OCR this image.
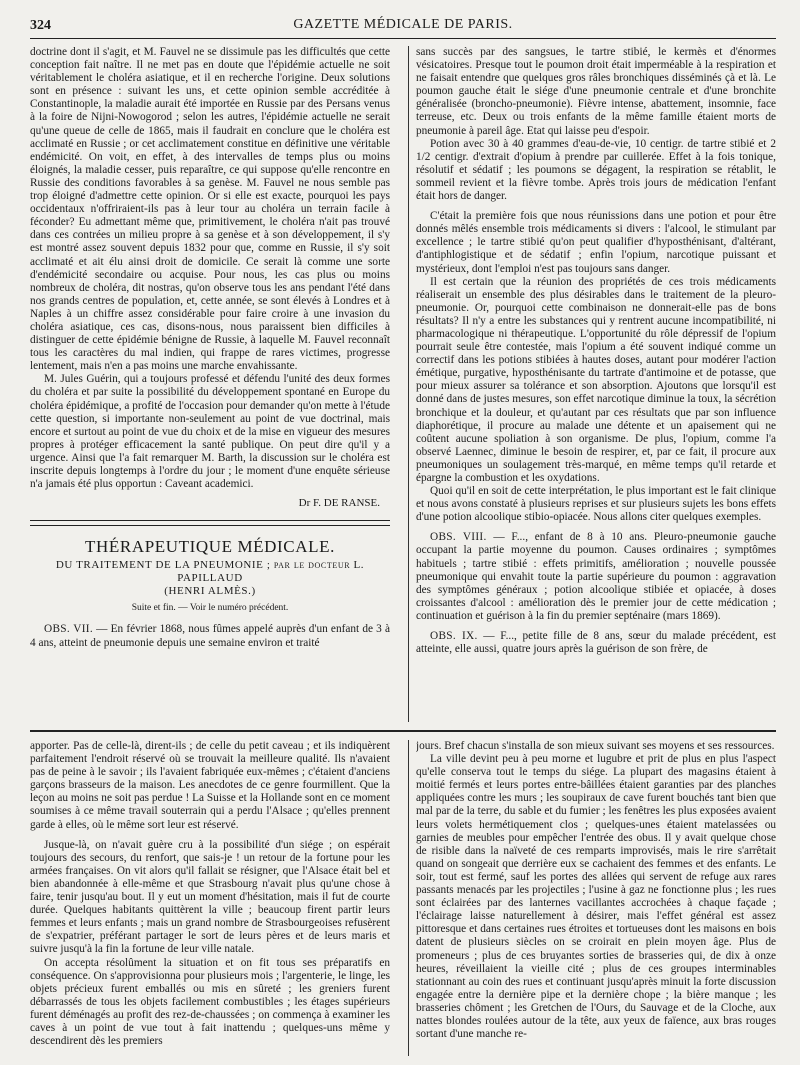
324	GAZETTE MÉDICALE DE PARIS.

doctrine dont il s'agit, et M. Fauvel ne se dissimule pas les difficultés que cette conception fait naître. Il ne met pas en doute que l'épidémie actuelle ne soit véritablement le choléra asiatique, et il en recherche l'origine. Deux solutions sont en présence : suivant les uns, et cette opinion semble accréditée à Constantinople, la maladie aurait été importée en Russie par des Persans venus à la foire de Nijni-Nowogorod ; selon les autres, l'épidémie actuelle ne serait qu'une queue de celle de 1865, mais il faudrait en conclure que le choléra est acclimaté en Russie ; or cet acclimatement constitue en définitive une véritable endémicité. On voit, en effet, à des intervalles de temps plus ou moins éloignés, la maladie cesser, puis reparaître, ce qui suppose qu'elle rencontre en Russie des conditions favorables à sa genèse. M. Fauvel ne nous semble pas trop éloigné d'admettre cette opinion. Or si elle est exacte, pourquoi les pays occidentaux n'offriraient-ils pas à leur tour au choléra un terrain facile à féconder? Eu admettant même que, primitivement, le choléra n'ait pas trouvé dans ces contrées un milieu propre à sa genèse et à son développement, il s'y est montré assez souvent depuis 1832 pour que, comme en Russie, il s'y soit acclimaté et ait élu ainsi droit de domicile. Ce serait là comme une sorte d'endémicité secondaire ou acquise. Pour nous, les cas plus ou moins nombreux de choléra, dit nostras, qu'on observe tous les ans pendant l'été dans nos grands centres de population, et, cette année, se sont élevés à Londres et à Naples à un chiffre assez considérable pour faire croire à une invasion du choléra asiatique, ces cas, disons-nous, nous paraissent bien difficiles à distinguer de cette épidémie bénigne de Russie, à laquelle M. Fauvel reconnaît tous les caractères du mal indien, qui frappe de rares victimes, progresse lentement, mais n'en a pas moins une marche envahissante.

M. Jules Guérin, qui a toujours professé et défendu l'unité des deux formes du choléra et par suite la possibilité du développement spontané en Europe du choléra épidémique, a profité de l'occasion pour demander qu'on mette à l'étude cette question, si importante non-seulement au point de vue doctrinal, mais encore et surtout au point de vue du choix et de la mise en vigueur des mesures propres à protéger efficacement la santé publique. On peut dire qu'il y a urgence. Ainsi que l'a fait remarquer M. Barth, la discussion sur le choléra est inscrite depuis longtemps à l'ordre du jour ; le moment d'une enquête sérieuse n'a jamais été plus opportun : Caveant academici.

Dr F. DE RANSE.
THÉRAPEUTIQUE MÉDICALE.
DU TRAITEMENT DE LA PNEUMONIE ; par le docteur L. PAPILLAUD
(HENRI ALMÈS.)
Suite et fin. — Voir le numéro précédent.

OBS. VII. — En février 1868, nous fûmes appelé auprès d'un enfant de 3 à 4 ans, atteint de pneumonie depuis une semaine environ et traité

sans succès par des sangsues, le tartre stibié, le kermès et d'énormes vésicatoires. Presque tout le poumon droit était imperméable à la respiration et ne faisait entendre que quelques gros râles bronchiques disséminés çà et là. Le poumon gauche était le siége d'une pneumonie centrale et d'une bronchite généralisée (broncho-pneumonie). Fièvre intense, abattement, insomnie, face terreuse, etc. Deux ou trois enfants de la même famille étaient morts de pneumonie à pareil âge. Etat qui laisse peu d'espoir.

Potion avec 30 à 40 grammes d'eau-de-vie, 10 centigr. de tartre stibié et 2 1/2 centigr. d'extrait d'opium à prendre par cuillerée. Effet à la fois tonique, résolutif et sédatif ; les poumons se dégagent, la respiration se rétablit, le sommeil revient et la fièvre tombe. Après trois jours de médication l'enfant était hors de danger.

C'était la première fois que nous réunissions dans une potion et pour être donnés mêlés ensemble trois médicaments si divers : l'alcool, le stimulant par excellence ; le tartre stibié qu'on peut qualifier d'hyposthénisant, d'altérant, d'antiphlogistique et de sédatif ; enfin l'opium, narcotique puissant et mystérieux, dont l'emploi n'est pas toujours sans danger.

Il est certain que la réunion des propriétés de ces trois médicaments réaliserait un ensemble des plus désirables dans le traitement de la pleuro-pneumonie. Or, pourquoi cette combinaison ne donnerait-elle pas de bons résultats? Il n'y a entre les substances qui y rentrent aucune incompatibilité, ni pharmacologique ni thérapeutique. L'opportunité du rôle dépressif de l'opium pourrait seule être contestée, mais l'opium a été souvent indiqué comme un correctif dans les potions stibiées à hautes doses, autant pour modérer l'action émétique, purgative, hyposthénisante du tartrate d'antimoine et de potasse, que pour mieux assurer sa tolérance et son absorption. Ajoutons que lorsqu'il est donné dans de justes mesures, son effet narcotique diminue la toux, la sécrétion bronchique et la douleur, et qu'autant par ces résultats que par son influence diaphorétique, il procure au malade une détente et un apaisement qui ne coûtent aucune spoliation à son organisme. De plus, l'opium, comme l'a observé Laennec, diminue le besoin de respirer, et, par ce fait, il procure aux pneumoniques un soulagement très-marqué, en même temps qu'il retarde et épargne la combustion et les oxydations.

Quoi qu'il en soit de cette interprétation, le plus important est le fait clinique et nous avons constaté à plusieurs reprises et sur plusieurs sujets les bons effets d'une potion alcoolique stibio-opiacée. Nous allons citer quelques exemples.

OBS. VIII. — F..., enfant de 8 à 10 ans. Pleuro-pneumonie gauche occupant la partie moyenne du poumon. Causes ordinaires ; symptômes habituels ; tartre stibié : effets primitifs, amélioration ; nouvelle poussée pneumonique qui envahit toute la partie supérieure du poumon : aggravation des symptômes généraux ; potion alcoolique stibiée et opiacée, à doses croissantes d'alcool : amélioration dès le premier jour de cette médication ; continuation et guérison à la fin du premier septénaire (mars 1869).

OBS. IX. — F..., petite fille de 8 ans, sœur du malade précédent, est atteinte, elle aussi, quatre jours après la guérison de son frère, de

apporter. Pas de celle-là, dirent-ils ; de celle du petit caveau ; et ils indiquèrent parfaitement l'endroit réservé où se trouvait la meilleure qualité. Ils n'avaient pas de peine à le savoir ; ils l'avaient fabriquée eux-mêmes ; c'étaient d'anciens garçons brasseurs de la maison. Les anecdotes de ce genre fourmillent. Que la leçon au moins ne soit pas perdue ! La Suisse et la Hollande sont en ce moment soumises à ce même travail souterrain qui a perdu l'Alsace ; qu'elles prennent garde à elles, où le même sort leur est réservé.

Jusque-là, on n'avait guère cru à la possibilité d'un siége ; on espérait toujours des secours, du renfort, que sais-je ! un retour de la fortune pour les armées françaises. On vit alors qu'il fallait se résigner, que l'Alsace était bel et bien abandonnée à elle-même et que Strasbourg n'avait plus qu'une chose à faire, tenir jusqu'au bout. Il y eut un moment d'hésitation, mais il fut de courte durée. Quelques habitants quittèrent la ville ; beaucoup firent partir leurs femmes et leurs enfants ; mais un grand nombre de Strasbourgeoises refusèrent de s'expatrier, préférant partager le sort de leurs pères et de leurs maris et suivre jusqu'à la fin la fortune de leur ville natale.

On accepta résolûment la situation et on fit tous ses préparatifs en conséquence. On s'approvisionna pour plusieurs mois ; l'argenterie, le linge, les objets précieux furent emballés ou mis en sûreté ; les greniers furent débarrassés de tous les objets facilement combustibles ; les étages supérieurs furent déménagés au profit des rez-de-chaussées ; on commença à examiner les caves à un point de vue tout à fait inattendu ; quelques-uns même y descendirent dès les premiers

jours. Bref chacun s'installa de son mieux suivant ses moyens et ses ressources.

La ville devint peu à peu morne et lugubre et prit de plus en plus l'aspect qu'elle conserva tout le temps du siége. La plupart des magasins étaient à moitié fermés et leurs portes entre-bâillées étaient garanties par des planches appliquées contre les murs ; les soupiraux de cave furent bouchés tant bien que mal par de la terre, du sable et du fumier ; les fenêtres les plus exposées avaient leurs volets hermétiquement clos ; quelques-unes étaient matelassées ou garnies de meubles pour empêcher l'entrée des obus. Il y avait quelque chose de risible dans la naïveté de ces remparts improvisés, mais le rire s'arrêtait quand on songeait que derrière eux se cachaient des femmes et des enfants. Le soir, tout est fermé, sauf les portes des allées qui servent de refuge aux rares passants menacés par les projectiles ; l'usine à gaz ne fonctionne plus ; les rues sont éclairées par des lanternes vacillantes accrochées à chaque façade ; l'éclairage laisse naturellement à désirer, mais l'effet général est assez pittoresque et dans certaines rues étroites et tortueuses dont les maisons en bois datent de plusieurs siècles on se croirait en plein moyen âge. Plus de promeneurs ; plus de ces bruyantes sorties de brasseries qui, de dix à onze heures, réveillaient la vieille cité ; plus de ces groupes interminables stationnant au coin des rues et continuant jusqu'après minuit la forte discussion engagée entre la dernière pipe et la dernière chope ; la bière manque ; les brasseries chôment ; les Gretchen de l'Ours, du Sauvage et de la Cloche, aux nattes blondes roulées autour de la tête, aux yeux de faïence, aux bras rouges sortant d'une manche re-
